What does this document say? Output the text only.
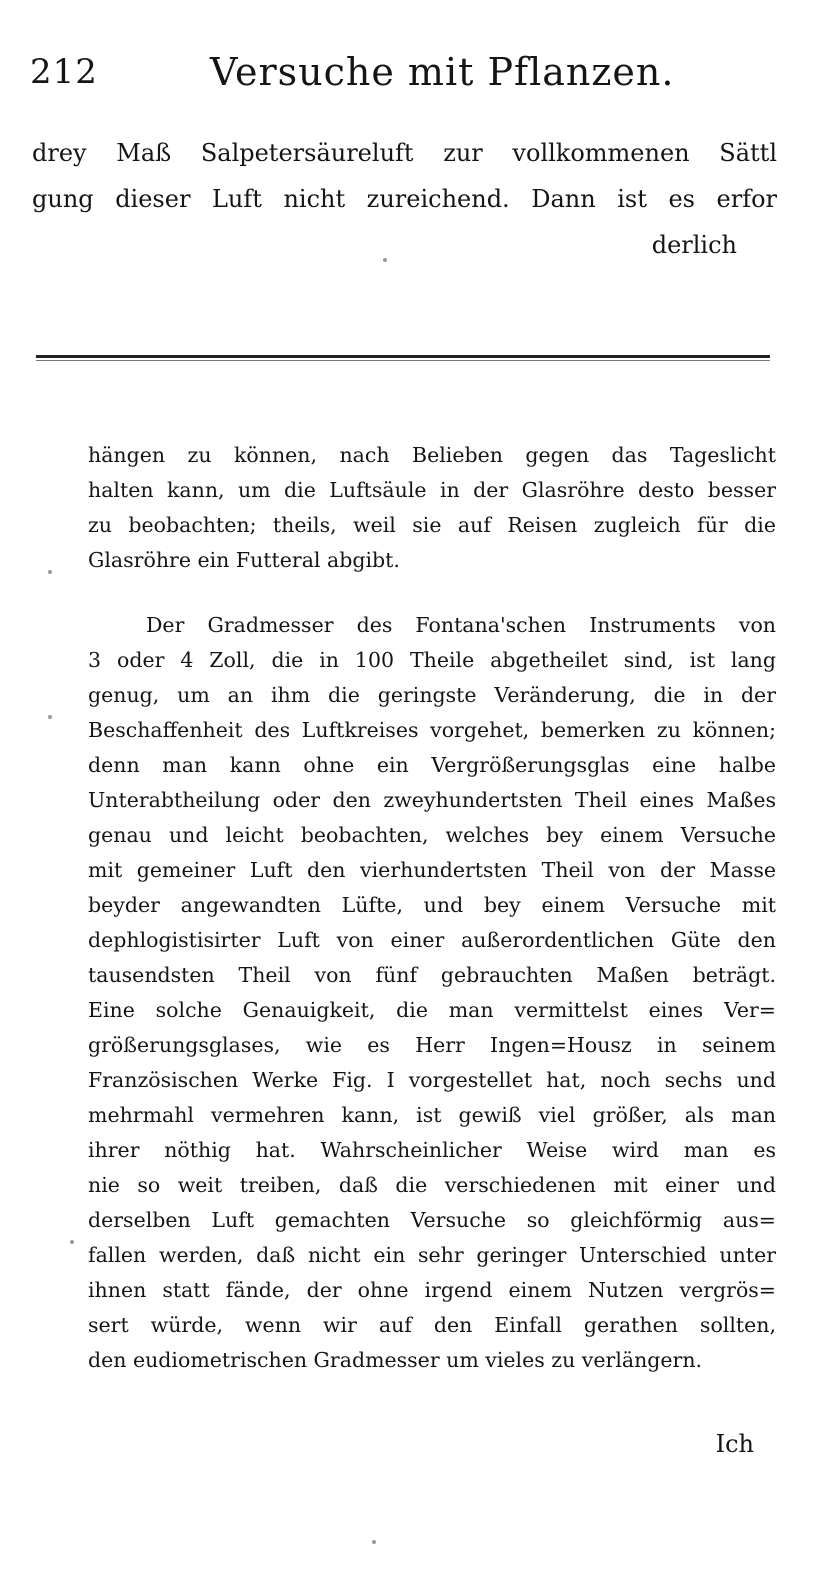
212	Versuche mit Pflanzen.
drey Maß Salpetersäureluft zur vollkommenen Sättl
gung dieser Luft nicht zureichend. Dann ist es erfor
derlich

hängen zu können, nach Belieben gegen das Tageslicht
halten kann, um die Luftsäule in der Glasröhre desto besser
zu beobachten; theils, weil sie auf Reisen zugleich für die
Glasröhre ein Futteral abgibt.

Der Gradmesser des Fontana'schen Instruments von
3 oder 4 Zoll, die in 100 Theile abgetheilet sind, ist lang
genug, um an ihm die geringste Veränderung, die in der
Beschaffenheit des Luftkreises vorgehet, bemerken zu können;
denn man kann ohne ein Vergrößerungsglas eine halbe
Unterabtheilung oder den zweyhundertsten Theil eines Maßes
genau und leicht beobachten, welches bey einem Versuche
mit gemeiner Luft den vierhundertsten Theil von der Masse
beyder angewandten Lüfte, und bey einem Versuche mit
dephlogistisirter Luft von einer außerordentlichen Güte den
tausendsten Theil von fünf gebrauchten Maßen beträgt.
Eine solche Genauigkeit, die man vermittelst eines Ver=
größerungsglases, wie es Herr Ingen=Housz in seinem
Französischen Werke Fig. I vorgestellet hat, noch sechs und
mehrmahl vermehren kann, ist gewiß viel größer, als man
ihrer nöthig hat. Wahrscheinlicher Weise wird man es
nie so weit treiben, daß die verschiedenen mit einer und
derselben Luft gemachten Versuche so gleichförmig aus=
fallen werden, daß nicht ein sehr geringer Unterschied unter
ihnen statt fände, der ohne irgend einem Nutzen vergrös=
sert würde, wenn wir auf den Einfall gerathen sollten,
den eudiometrischen Gradmesser um vieles zu verlängern.

Ich
